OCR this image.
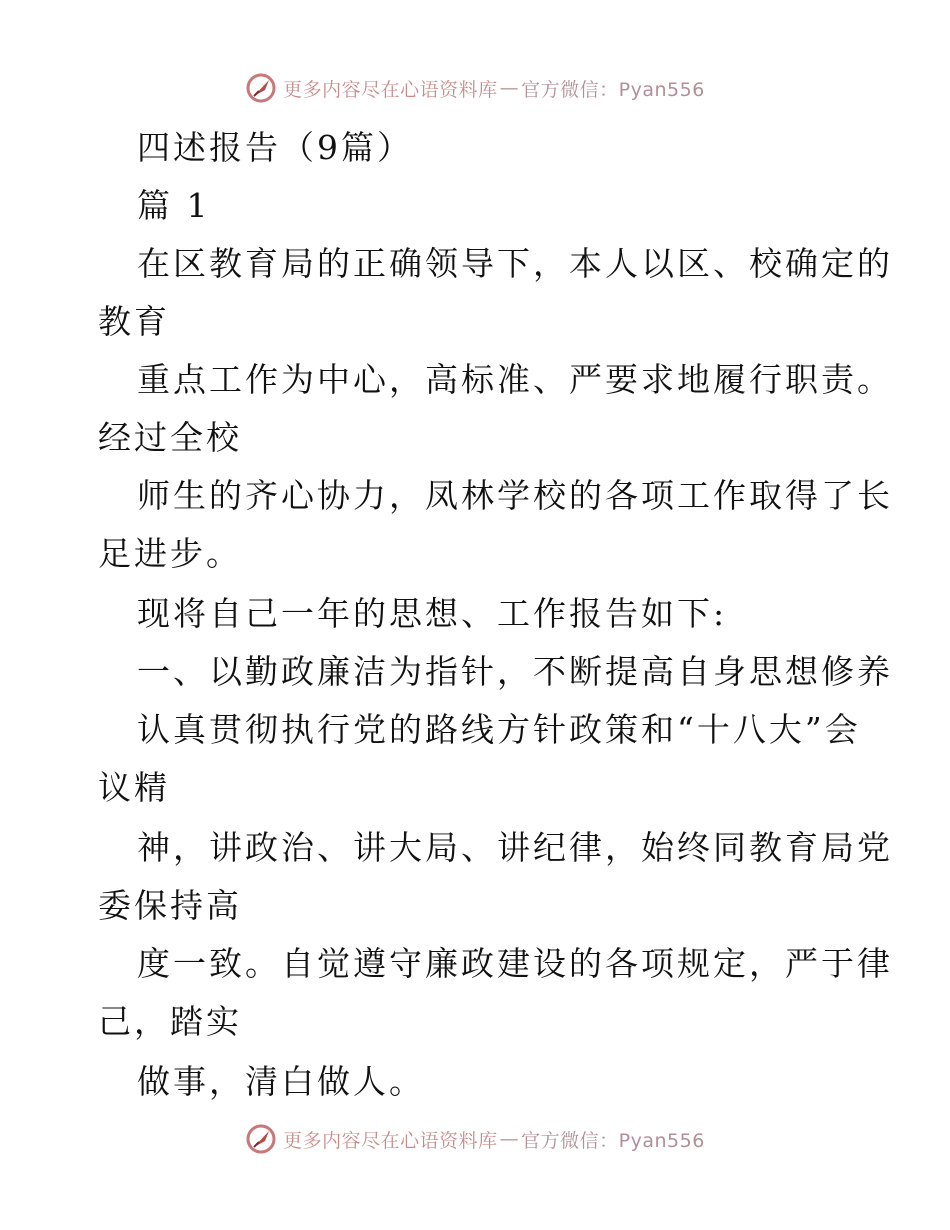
更多内容尽在心语资料库 — 官方微信：Pyan556
四述报告（9篇）
篇 1
在区教育局的正确领导下，本人以区、校确定的
教育
重点工作为中心，高标准、严要求地履行职责。
经过全校
师生的齐心协力，凤林学校的各项工作取得了长
足进步。
现将自己一年的思想、工作报告如下:
一、以勤政廉洁为指针，不断提高自身思想修养
认真贯彻执行党的路线方针政策和“十八大”会
议精
神，讲政治、讲大局、讲纪律，始终同教育局党
委保持高
度一致。自觉遵守廉政建设的各项规定，严于律
己，踏实
做事，清白做人。
更多内容尽在心语资料库 — 官方微信：Pyan556
